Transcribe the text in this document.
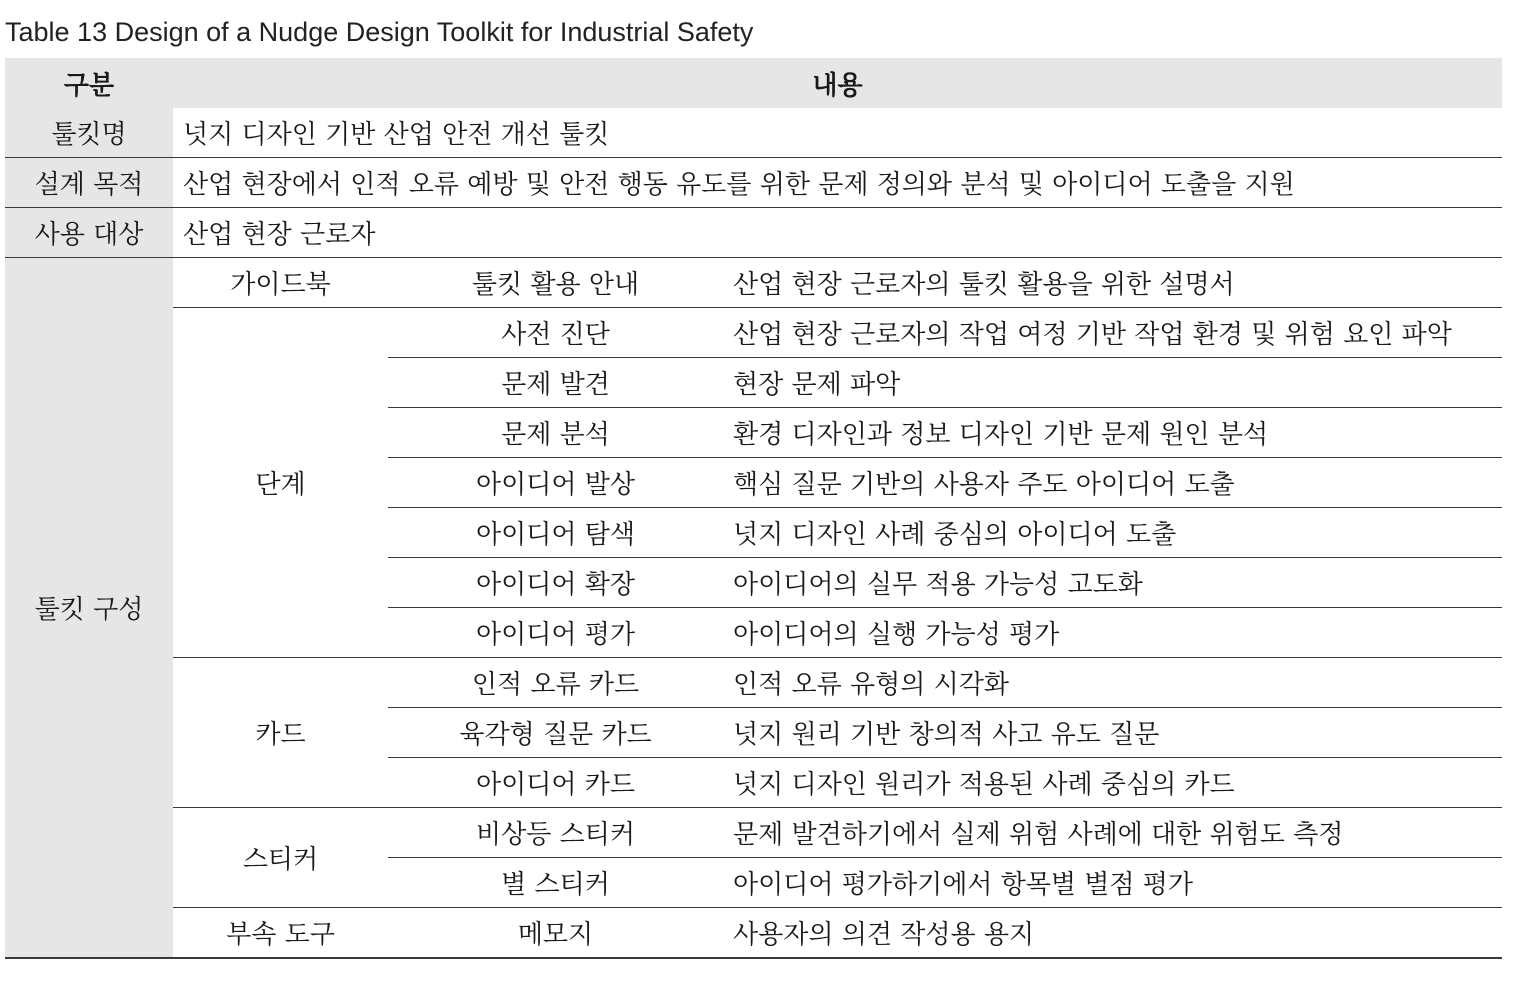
Table 13 Design of a Nudge Design Toolkit for Industrial Safety
구분	내용		
툴킷명	넛지 디자인 기반 산업 안전 개선 툴킷		
설계 목적	산업 현장에서 인적 오류 예방 및 안전 행동 유도를 위한 문제 정의와 분석 및 아이디어 도출을 지원		
사용 대상	산업 현장 근로자		
툴킷 구성	가이드북	툴킷 활용 안내	산업 현장 근로자의 툴킷 활용을 위한 설명서
	단계	사전 진단	산업 현장 근로자의 작업 여정 기반 작업 환경 및 위험 요인 파악
		문제 발견	현장 문제 파악
		문제 분석	환경 디자인과 정보 디자인 기반 문제 원인 분석
		아이디어 발상	핵심 질문 기반의 사용자 주도 아이디어 도출
		아이디어 탐색	넛지 디자인 사례 중심의 아이디어 도출
		아이디어 확장	아이디어의 실무 적용 가능성 고도화
		아이디어 평가	아이디어의 실행 가능성 평가
	카드	인적 오류 카드	인적 오류 유형의 시각화
		육각형 질문 카드	넛지 원리 기반 창의적 사고 유도 질문
		아이디어 카드	넛지 디자인 원리가 적용된 사례 중심의 카드
	스티커	비상등 스티커	문제 발견하기에서 실제 위험 사례에 대한 위험도 측정
		별 스티커	아이디어 평가하기에서 항목별 별점 평가
	부속 도구	메모지	사용자의 의견 작성용 용지
